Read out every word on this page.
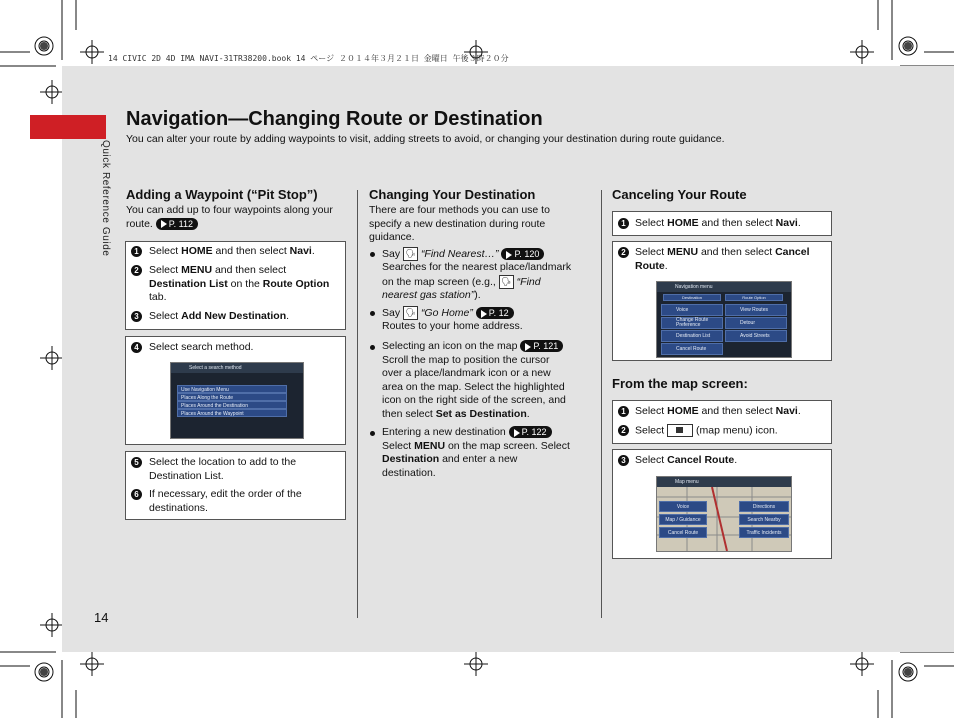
14 CIVIC 2D 4D IMA NAVI-31TR38200.book 14 ページ ２０１４年３月２１日 金曜日 午後３時２０分
Quick Reference Guide
14
Navigation—Changing Route or Destination
You can alter your route by adding waypoints to visit, adding streets to avoid, or changing your destination during route guidance.
Adding a Waypoint (“Pit Stop”)
You can add up to four waypoints along your route. P. 112
1 Select HOME and then select Navi.
2 Select MENU and then select
Destination List on the Route Option
tab.
3 Select Add New Destination.
4 Select search method.
Select a search method
Use Navigation Menu
Places Along the Route
Places Around the Destination
Places Around the Waypoint
5 Select the location to add to the
Destination List.
6 If necessary, edit the order of the
destinations.
Changing Your Destination
There are four methods you can use to
specify a new destination during route
guidance.
Say 🗣 “Find Nearest…” P. 120
Searches for the nearest place/landmark
on the map screen (e.g., 🗣 “Find
nearest gas station”).
Say 🗣 “Go Home” P. 12
Routes to your home address.
Selecting an icon on the map P. 121
Scroll the map to position the cursor
over a place/landmark icon or a new
area on the map. Select the highlighted
icon on the right side of the screen, and
then select Set as Destination.
Entering a new destination P. 122
Select MENU on the map screen. Select
Destination and enter a new
destination.
Canceling Your Route
1 Select HOME and then select Navi.
2 Select MENU and then select Cancel
Route.
Navigation menu
Destination	Route Option
Voice	View Routes
Change Route Preference	Detour
Destination List	Avoid Streets
Cancel Route
From the map screen:
1 Select HOME and then select Navi.
2 Select	(map menu) icon.
3 Select Cancel Route.
Map menu
Voice	Directions
Map / Guidance	Search Nearby
Cancel Route	Traffic Incidents
